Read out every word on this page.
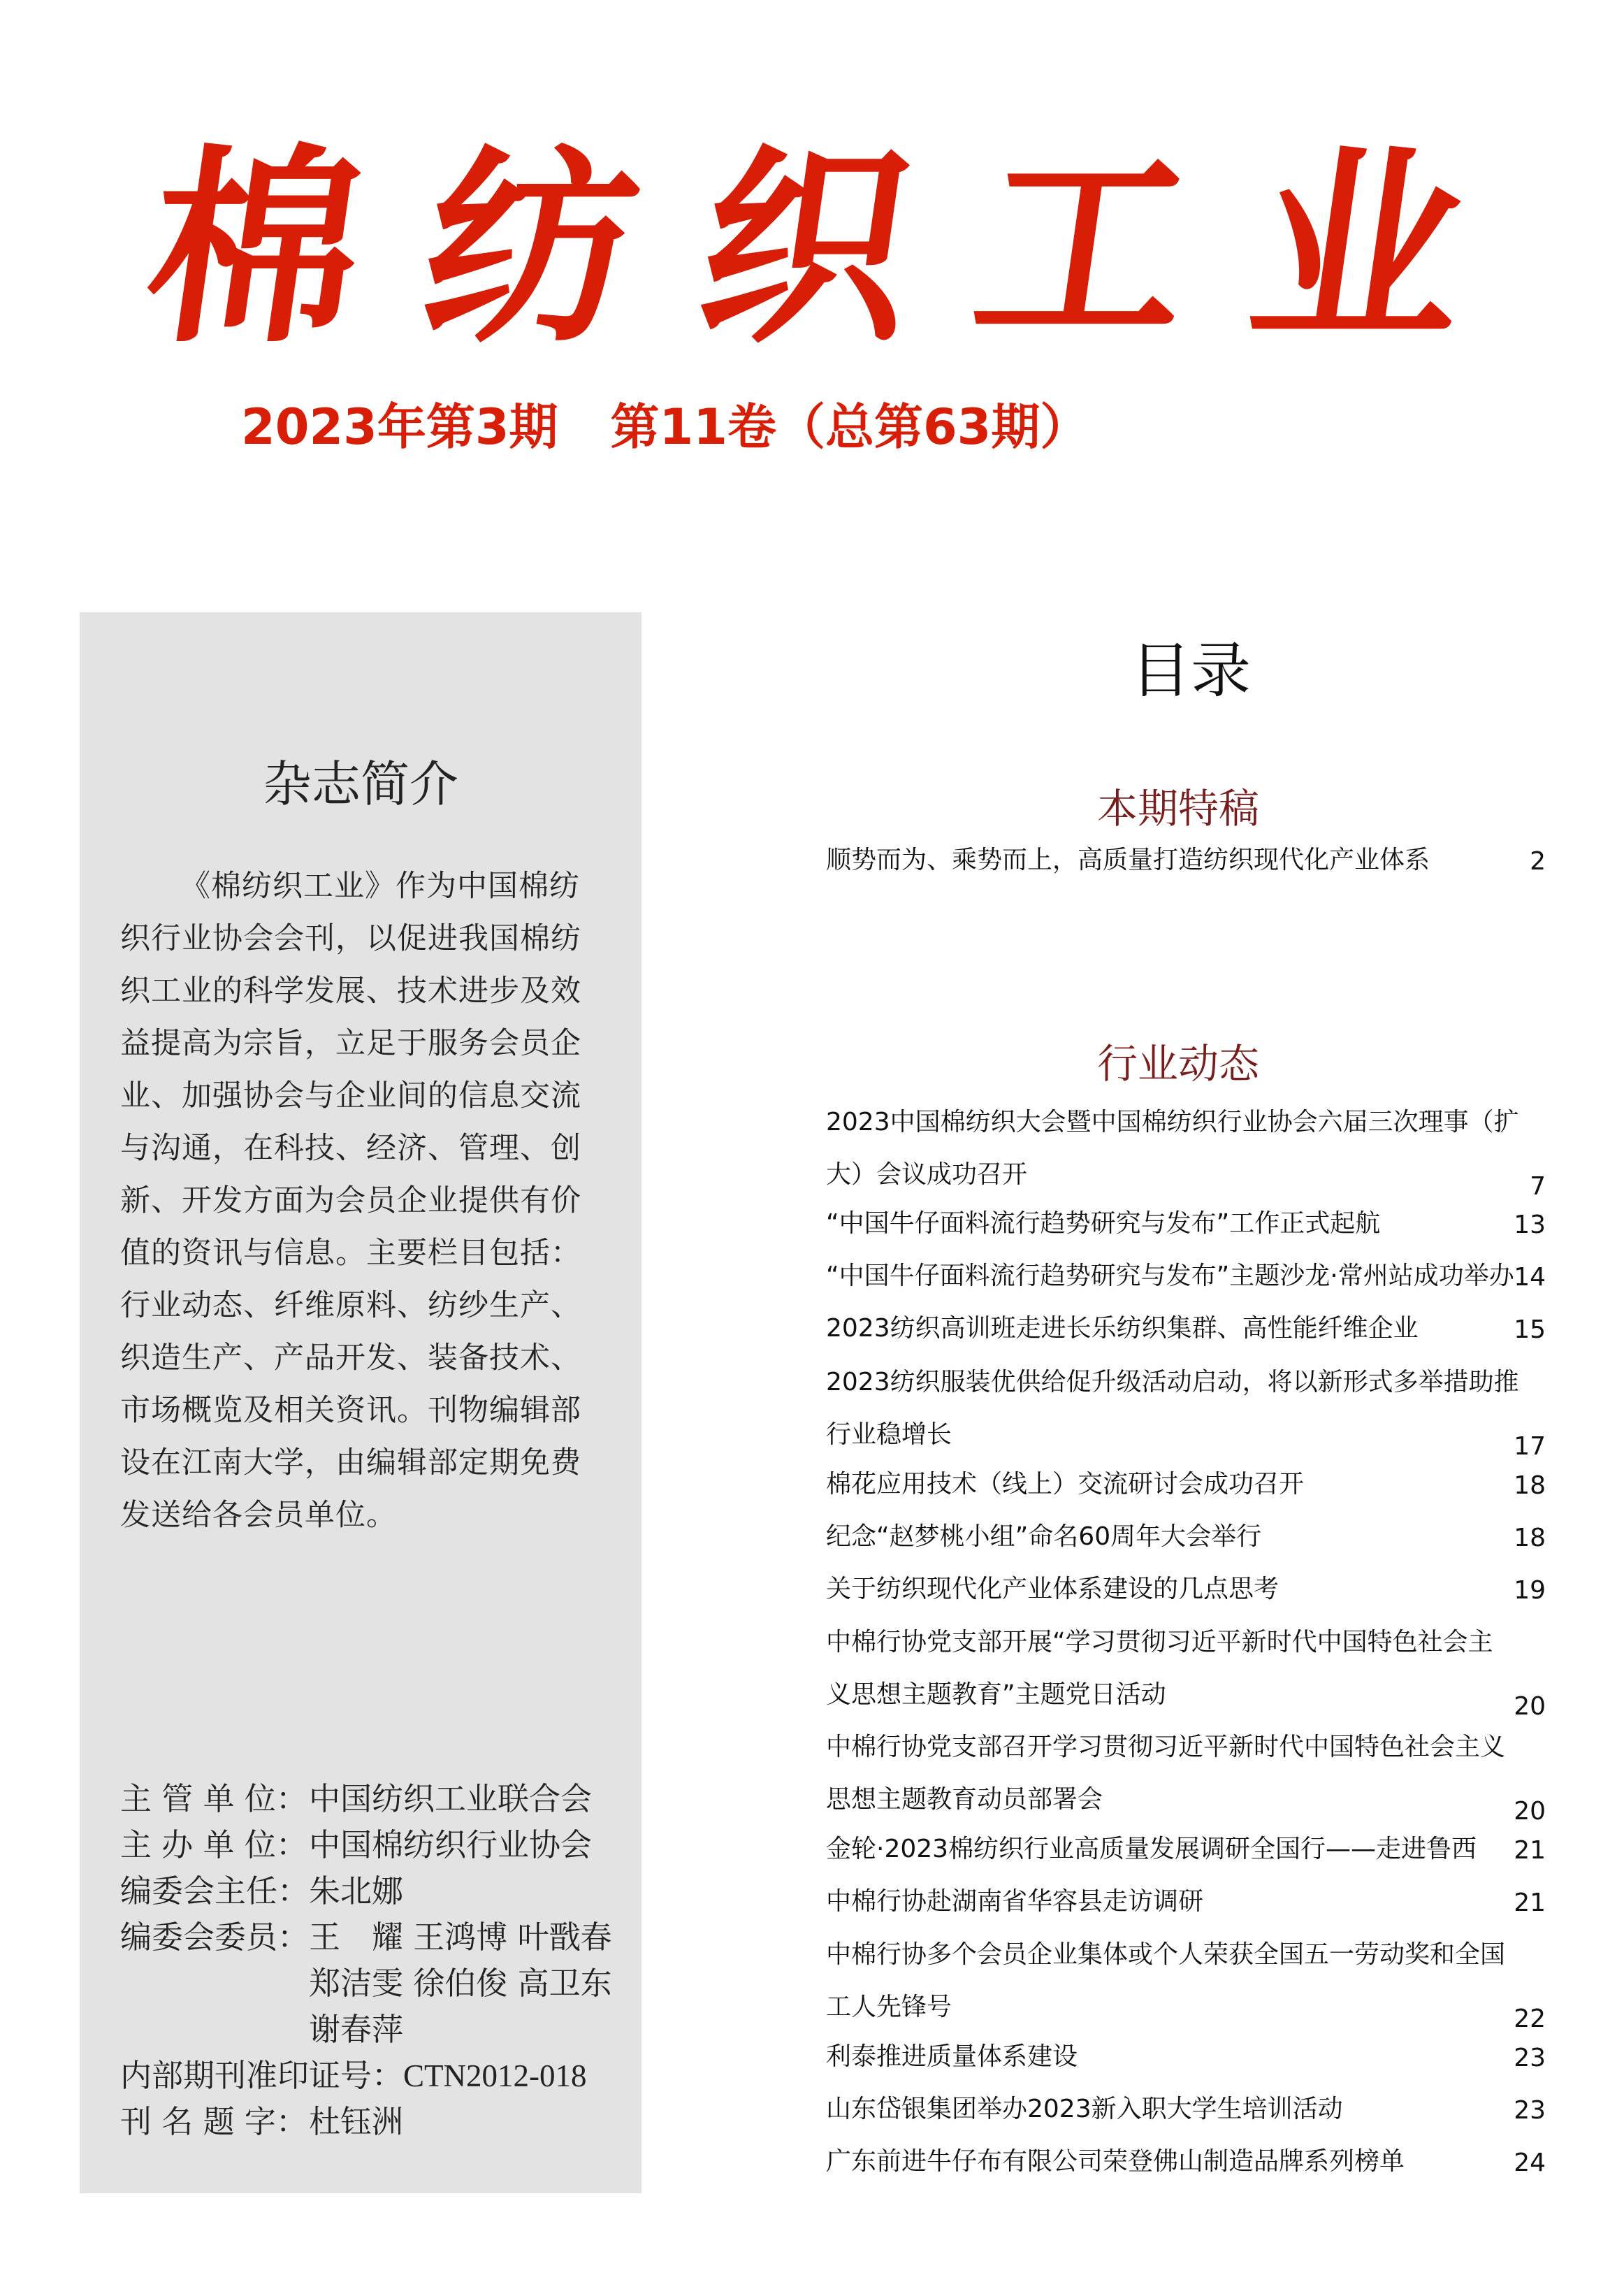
棉 纺 织 工 业
2023年第3期 第11卷（总第63期）
杂志简介

《棉纺织工业》作为中国棉纺织行业协会会刊，以促进我国棉纺织工业的科学发展、技术进步及效益提高为宗旨，立足于服务会员企业、加强协会与企业间的信息交流与沟通，在科技、经济、管理、创新、开发方面为会员企业提供有价值的资讯与信息。主要栏目包括：行业动态、纤维原料、纺纱生产、织造生产、产品开发、装备技术、市场概览及相关资讯。刊物编辑部设在江南大学，由编辑部定期免费发送给各会员单位。

主 管 单 位： 中国纺织工业联合会
主 办 单 位： 中国棉纺织行业协会
编委会主任： 朱北娜
编委会委员： 王　耀 王鸿博 叶戬春
郑洁雯 徐伯俊 高卫东
谢春萍
内部期刊准印证号： CTN2012-018
刊 名 题 字： 杜钰洲
目录
本期特稿
顺势而为、乘势而上，高质量打造纺织现代化产业体系	2
行业动态
2023中国棉纺织大会暨中国棉纺织行业协会六届三次理事（扩
大）会议成功召开	7
“中国牛仔面料流行趋势研究与发布”工作正式起航	13
“中国牛仔面料流行趋势研究与发布”主题沙龙·常州站成功举办 14
2023纺织高训班走进长乐纺织集群、高性能纤维企业	15
2023纺织服装优供给促升级活动启动，将以新形式多举措助推
行业稳增长	17
棉花应用技术（线上）交流研讨会成功召开	18
纪念“赵梦桃小组”命名60周年大会举行	18
关于纺织现代化产业体系建设的几点思考	19
中棉行协党支部开展“学习贯彻习近平新时代中国特色社会主
义思想主题教育”主题党日活动	20
中棉行协党支部召开学习贯彻习近平新时代中国特色社会主义
思想主题教育动员部署会	20
金轮·2023棉纺织行业高质量发展调研全国行——走进鲁西	21
中棉行协赴湖南省华容县走访调研	21
中棉行协多个会员企业集体或个人荣获全国五一劳动奖和全国
工人先锋号	22
利泰推进质量体系建设	23
山东岱银集团举办2023新入职大学生培训活动	23
广东前进牛仔布有限公司荣登佛山制造品牌系列榜单	24
